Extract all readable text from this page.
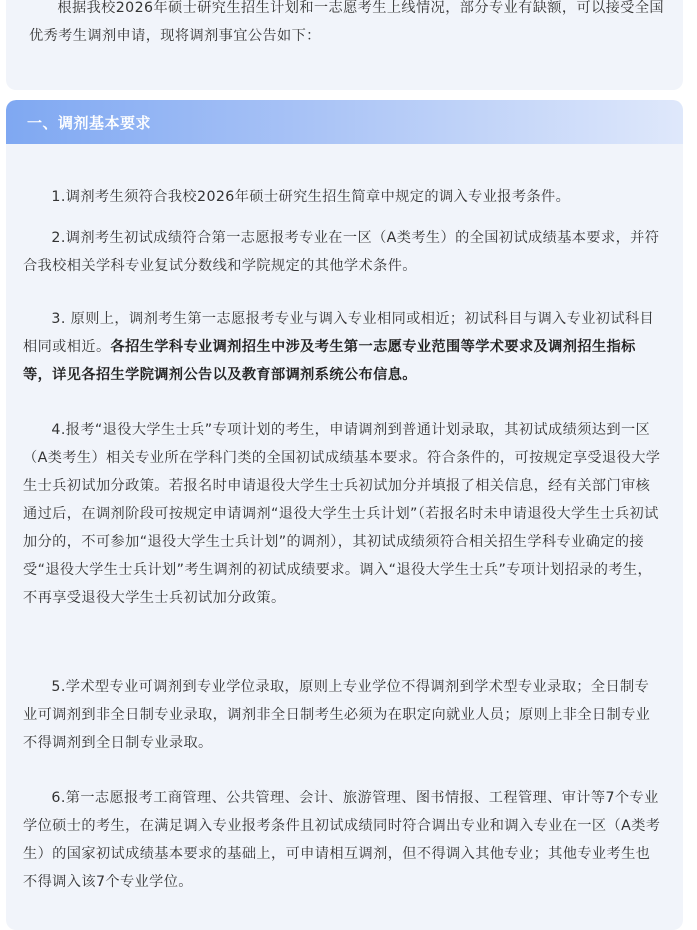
根据我校2026年硕士研究生招生计划和一志愿考生上线情况，部分专业有缺额，可以接受全国优秀考生调剂申请，现将调剂事宜公告如下：

一、调剂基本要求

1.调剂考生须符合我校2026年硕士研究生招生简章中规定的调入专业报考条件。

2.调剂考生初试成绩符合第一志愿报考专业在一区（A类考生）的全国初试成绩基本要求，并符合我校相关学科专业复试分数线和学院规定的其他学术条件。

3. 原则上，调剂考生第一志愿报考专业与调入专业相同或相近；初试科目与调入专业初试科目相同或相近。各招生学科专业调剂招生中涉及考生第一志愿专业范围等学术要求及调剂招生指标等，详见各招生学院调剂公告以及教育部调剂系统公布信息。

4.报考“退役大学生士兵”专项计划的考生，申请调剂到普通计划录取，其初试成绩须达到一区（A类考生）相关专业所在学科门类的全国初试成绩基本要求。符合条件的，可按规定享受退役大学生士兵初试加分政策。若报名时申请退役大学生士兵初试加分并填报了相关信息，经有关部门审核通过后，在调剂阶段可按规定申请调剂“退役大学生士兵计划”（若报名时未申请退役大学生士兵初试加分的，不可参加“退役大学生士兵计划”的调剂），其初试成绩须符合相关招生学科专业确定的接受“退役大学生士兵计划”考生调剂的初试成绩要求。调入“退役大学生士兵”专项计划招录的考生，不再享受退役大学生士兵初试加分政策。

5.学术型专业可调剂到专业学位录取，原则上专业学位不得调剂到学术型专业录取；全日制专业可调剂到非全日制专业录取，调剂非全日制考生必须为在职定向就业人员；原则上非全日制专业不得调剂到全日制专业录取。

6.第一志愿报考工商管理、公共管理、会计、旅游管理、图书情报、工程管理、审计等7个专业学位硕士的考生，在满足调入专业报考条件且初试成绩同时符合调出专业和调入专业在一区（A类考生）的国家初试成绩基本要求的基础上，可申请相互调剂，但不得调入其他专业；其他专业考生也不得调入该7个专业学位。
